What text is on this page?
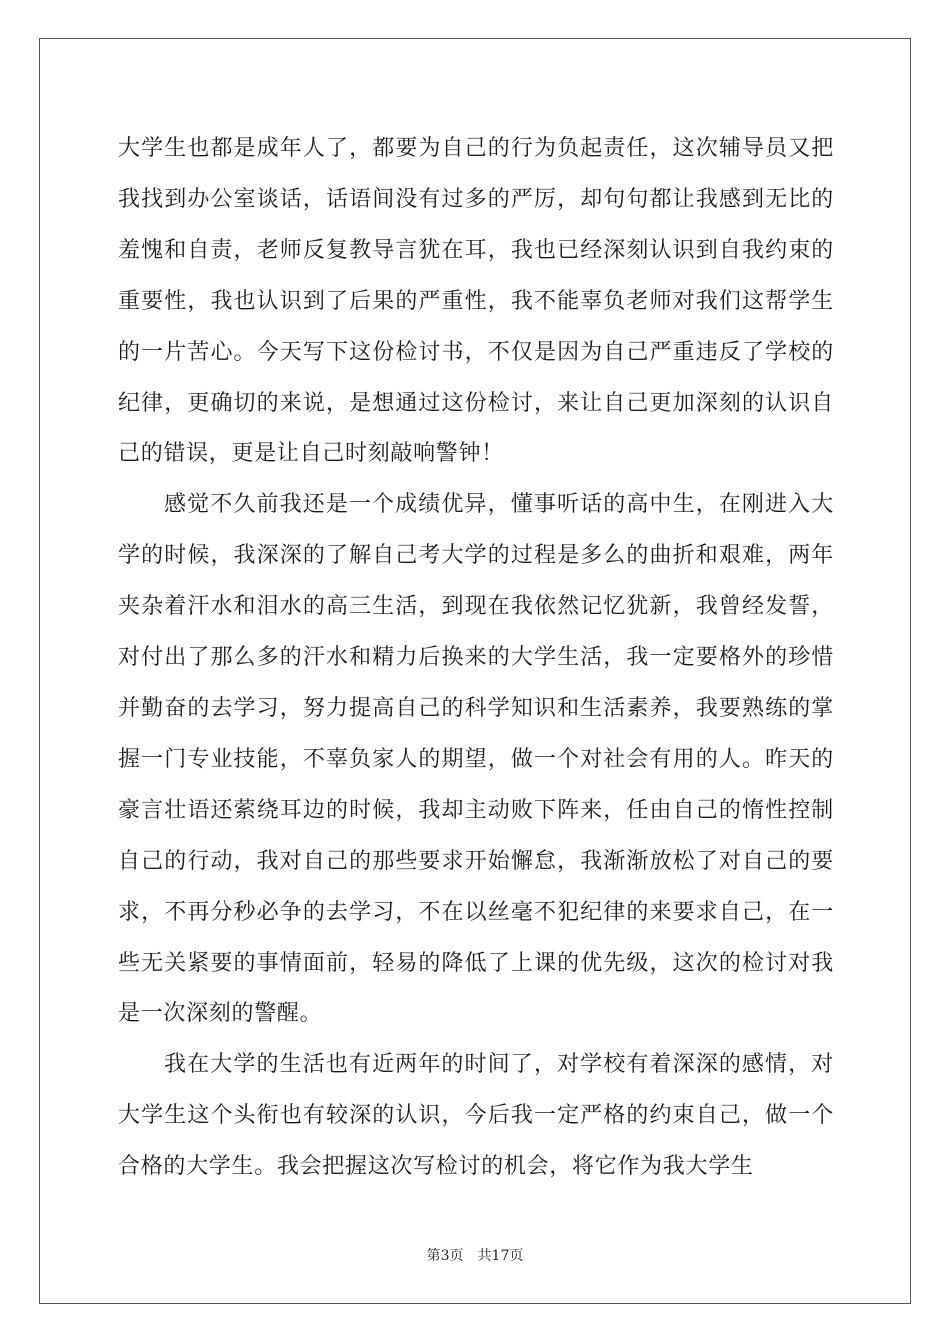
大学生也都是成年人了，都要为自己的行为负起责任，这次辅导员又把我找到办公室谈话，话语间没有过多的严厉，却句句都让我感到无比的羞愧和自责，老师反复教导言犹在耳，我也已经深刻认识到自我约束的重要性，我也认识到了后果的严重性，我不能辜负老师对我们这帮学生的一片苦心。今天写下这份检讨书，不仅是因为自己严重违反了学校的纪律，更确切的来说，是想通过这份检讨，来让自己更加深刻的认识自己的错误，更是让自己时刻敲响警钟！

感觉不久前我还是一个成绩优异，懂事听话的高中生，在刚进入大学的时候，我深深的了解自己考大学的过程是多么的曲折和艰难，两年夹杂着汗水和泪水的高三生活，到现在我依然记忆犹新，我曾经发誓，对付出了那么多的汗水和精力后换来的大学生活，我一定要格外的珍惜并勤奋的去学习，努力提高自己的科学知识和生活素养，我要熟练的掌握一门专业技能，不辜负家人的期望，做一个对社会有用的人。昨天的豪言壮语还萦绕耳边的时候，我却主动败下阵来，任由自己的惰性控制自己的行动，我对自己的那些要求开始懈怠，我渐渐放松了对自己的要求，不再分秒必争的去学习，不在以丝毫不犯纪律的来要求自己，在一些无关紧要的事情面前，轻易的降低了上课的优先级，这次的检讨对我是一次深刻的警醒。

我在大学的生活也有近两年的时间了，对学校有着深深的感情，对大学生这个头衔也有较深的认识，今后我一定严格的约束自己，做一个合格的大学生。我会把握这次写检讨的机会，将它作为我大学生

第3页　共17页
